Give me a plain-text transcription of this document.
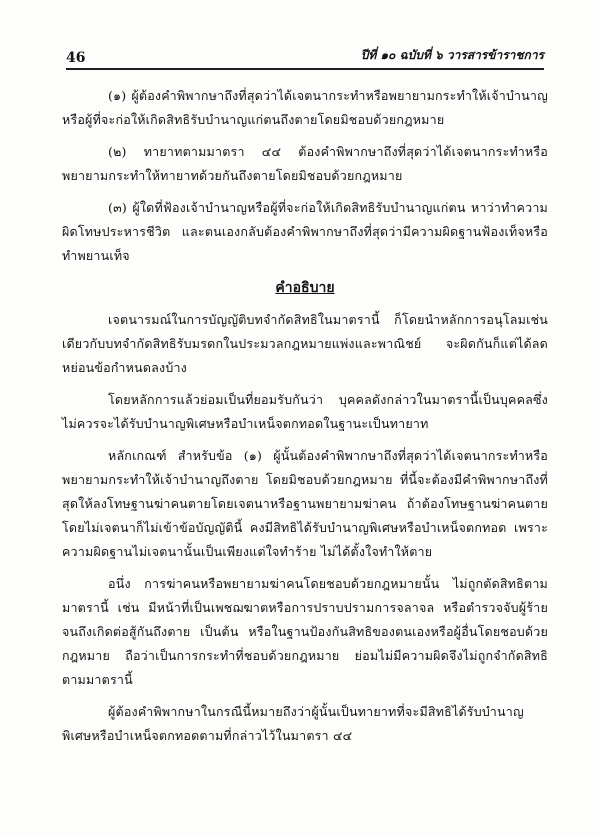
46	ปีที่ ๑๐ ฉบับที่ ๖ วารสารข้าราชการ

(๑) ผู้ต้องคำพิพากษาถึงที่สุดว่าได้เจตนากระทำหรือพยายามกระทำให้เจ้าบำนาญหรือผู้ที่จะก่อให้เกิดสิทธิรับบำนาญแก่ตนถึงตายโดยมิชอบด้วยกฎหมาย

(๒) ทายาทตามมาตรา ๔๔ ต้องคำพิพากษาถึงที่สุดว่าได้เจตนากระทำหรือพยายามกระทำให้ทายาทด้วยกันถึงตายโดยมิชอบด้วยกฎหมาย

(๓) ผู้ใดที่ฟ้องเจ้าบำนาญหรือผู้ที่จะก่อให้เกิดสิทธิรับบำนาญแก่ตน หาว่าทำความผิดโทษประหารชีวิต และตนเองกลับต้องคำพิพากษาถึงที่สุดว่ามีความผิดฐานฟ้องเท็จหรือทำพยานเท็จ

คำอธิบาย

เจตนารมณ์ในการบัญญัติบทจำกัดสิทธิในมาตรานี้ ก็โดยนำหลักการอนุโลมเช่นเดียวกับบทจำกัดสิทธิรับมรดกในประมวลกฎหมายแพ่งและพาณิชย์ จะผิดกันก็แต่ได้ลดหย่อนข้อกำหนดลงบ้าง

โดยหลักการแล้วย่อมเป็นที่ยอมรับกันว่า บุคคลดังกล่าวในมาตรานี้เป็นบุคคลซึ่งไม่ควรจะได้รับบำนาญพิเศษหรือบำเหน็จตกทอดในฐานะเป็นทายาท

หลักเกณฑ์ สำหรับข้อ (๑) ผู้นั้นต้องคำพิพากษาถึงที่สุดว่าได้เจตนากระทำหรือพยายามกระทำให้เจ้าบำนาญถึงตาย โดยมิชอบด้วยกฎหมาย ที่นี้จะต้องมีคำพิพากษาถึงที่สุดให้ลงโทษฐานฆ่าคนตายโดยเจตนาหรือฐานพยายามฆ่าคน ถ้าต้องโทษฐานฆ่าคนตายโดยไม่เจตนาก็ไม่เข้าข้อบัญญัตินี้ คงมีสิทธิได้รับบำนาญพิเศษหรือบำเหน็จตกทอด เพราะความผิดฐานไม่เจตนานั้นเป็นเพียงแต่ใจทำร้าย ไม่ได้ตั้งใจทำให้ตาย

อนึ่ง การฆ่าคนหรือพยายามฆ่าคนโดยชอบด้วยกฎหมายนั้น ไม่ถูกตัดสิทธิตามมาตรานี้ เช่น มีหน้าที่เป็นเพชฌฆาตหรือการปราบปรามการจลาจล หรือตำรวจจับผู้ร้ายจนถึงเกิดต่อสู้กันถึงตาย เป็นต้น หรือในฐานป้องกันสิทธิของตนเองหรือผู้อื่นโดยชอบด้วยกฎหมาย ถือว่าเป็นการกระทำที่ชอบด้วยกฎหมาย ย่อมไม่มีความผิดจึงไม่ถูกจำกัดสิทธิตามมาตรานี้

ผู้ต้องคำพิพากษาในกรณีนี้หมายถึงว่าผู้นั้นเป็นทายาทที่จะมีสิทธิได้รับบำนาญพิเศษหรือบำเหน็จตกทอดตามที่กล่าวไว้ในมาตรา ๔๔
